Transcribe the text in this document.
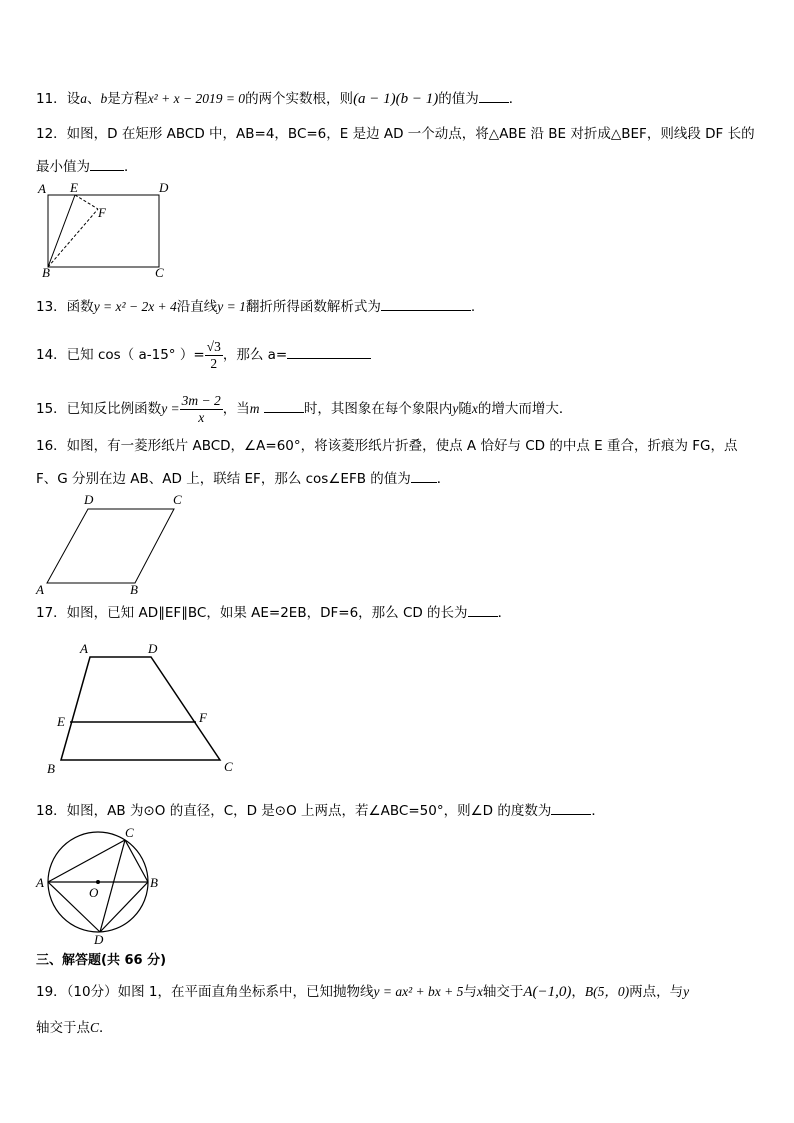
11．设a、b是方程x² + x − 2019 = 0的两个实数根，则(a − 1)(b − 1)的值为 ．
12．如图，D 在矩形 ABCD 中，AB=4，BC=6，E 是边 AD 一个动点，将△ABE 沿 BE 对折成△BEF，则线段 DF 长的
最小值为	．
A E	D
F
B	C
13．函数y = x² − 2x + 4沿直线y = 1翻折所得函数解析式为	.
14．已知 cos（ a-15° ）= $\frac{√3}{2}$ ，那么 a=
15．已知反比例函数$y = \frac{3m - 2}{x}$ ，当m	时，其图象在每个象限内y随x的增大而增大．
16．如图，有一菱形纸片 ABCD，∠A=60°，将该菱形纸片折叠，使点 A 恰好与 CD 的中点 E 重合，折痕为 FG，点
F、G 分别在边 AB、AD 上，联结 EF，那么 cos∠EFB 的值为 ．
D	C
A	B
17．如图，已知 AD∥EF∥BC，如果 AE=2EB，DF=6，那么 CD 的长为 ．
A	D
E	F
B	C
18．如图，AB 为⊙O 的直径，C，D 是⊙O 上两点，若∠ABC=50°，则∠D 的度数为	．
A	B
C
D
O
三、解答题(共 66 分)
19．（10分）如图 1，在平面直角坐标系中，已知抛物线y = ax² + bx + 5与x轴交于A(−1,0)，B(5，0)两点，与y
轴交于点C．
